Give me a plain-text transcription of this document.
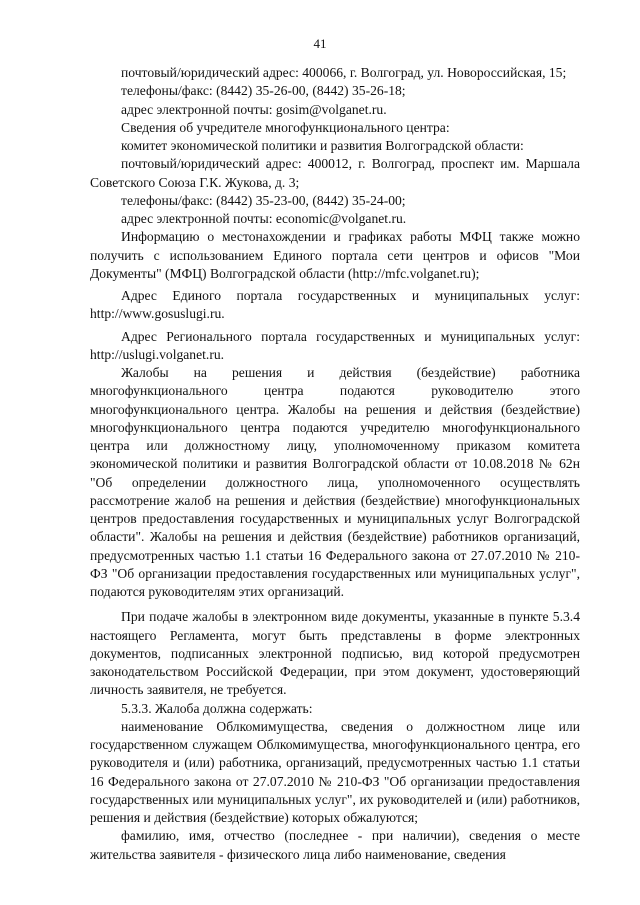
41

почтовый/юридический адрес: 400066, г. Волгоград, ул. Новороссийская, 15;

телефоны/факс: (8442) 35-26-00, (8442) 35-26-18;

адрес электронной почты: gosim@volganet.ru.

Сведения об учредителе многофункционального центра:

комитет экономической политики и развития Волгоградской области:

почтовый/юридический адрес: 400012, г. Волгоград, проспект им. Маршала Советского Союза Г.К. Жукова, д. 3;

телефоны/факс: (8442) 35-23-00, (8442) 35-24-00;

адрес электронной почты: economic@volganet.ru.

Информацию о местонахождении и графиках работы МФЦ также можно получить с использованием Единого портала сети центров и офисов "Мои Документы" (МФЦ) Волгоградской области (http://mfc.volganet.ru);

Адрес Единого портала государственных и муниципальных услуг: http://www.gosuslugi.ru.

Адрес Регионального портала государственных и муниципальных услуг: http://uslugi.volganet.ru.

Жалобы на решения и действия (бездействие) работника многофункционального центра подаются руководителю этого многофункционального центра. Жалобы на решения и действия (бездействие) многофункционального центра подаются учредителю многофункционального центра или должностному лицу, уполномоченному приказом комитета экономической политики и развития Волгоградской области от 10.08.2018 № 62н "Об определении должностного лица, уполномоченного осуществлять рассмотрение жалоб на решения и действия (бездействие) многофункциональных центров предоставления государственных и муниципальных услуг Волгоградской области". Жалобы на решения и действия (бездействие) работников организаций, предусмотренных частью 1.1 статьи 16 Федерального закона от 27.07.2010 № 210-ФЗ "Об организации предоставления государственных или муниципальных услуг", подаются руководителям этих организаций.

При подаче жалобы в электронном виде документы, указанные в пункте 5.3.4 настоящего Регламента, могут быть представлены в форме электронных документов, подписанных электронной подписью, вид которой предусмотрен законодательством Российской Федерации, при этом документ, удостоверяющий личность заявителя, не требуется.

5.3.3. Жалоба должна содержать:

наименование Облкомимущества, сведения о должностном лице или государственном служащем Облкомимущества, многофункционального центра, его руководителя и (или) работника, организаций, предусмотренных частью 1.1 статьи 16 Федерального закона от 27.07.2010 № 210-ФЗ "Об организации предоставления государственных или муниципальных услуг", их руководителей и (или) работников, решения и действия (бездействие) которых обжалуются;

фамилию, имя, отчество (последнее - при наличии), сведения о месте жительства заявителя - физического лица либо наименование, сведения
